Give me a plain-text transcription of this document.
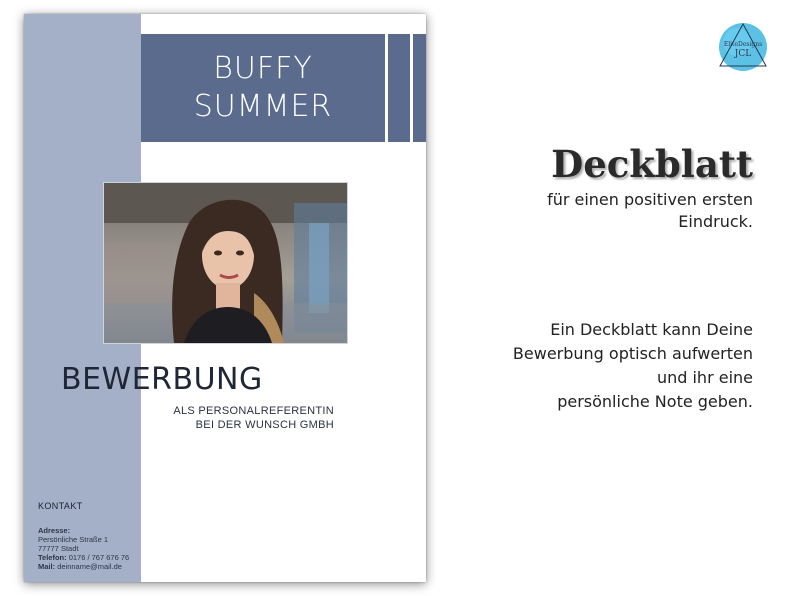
BUFFY
SUMMER
BEWERBUNG
ALS PERSONALREFERENTIN
BEI DER WUNSCH GMBH
KONTAKT
Adresse:
Persönliche Straße 1
77777 Stadt
Telefon: 0176 / 767 676 76
Mail: deinname@mail.de
Deckblatt
für einen positiven ersten
Eindruck.
Ein Deckblatt kann Deine
Bewerbung optisch aufwerten
und ihr eine
persönliche Note geben.
EliteDesigns
JCL
